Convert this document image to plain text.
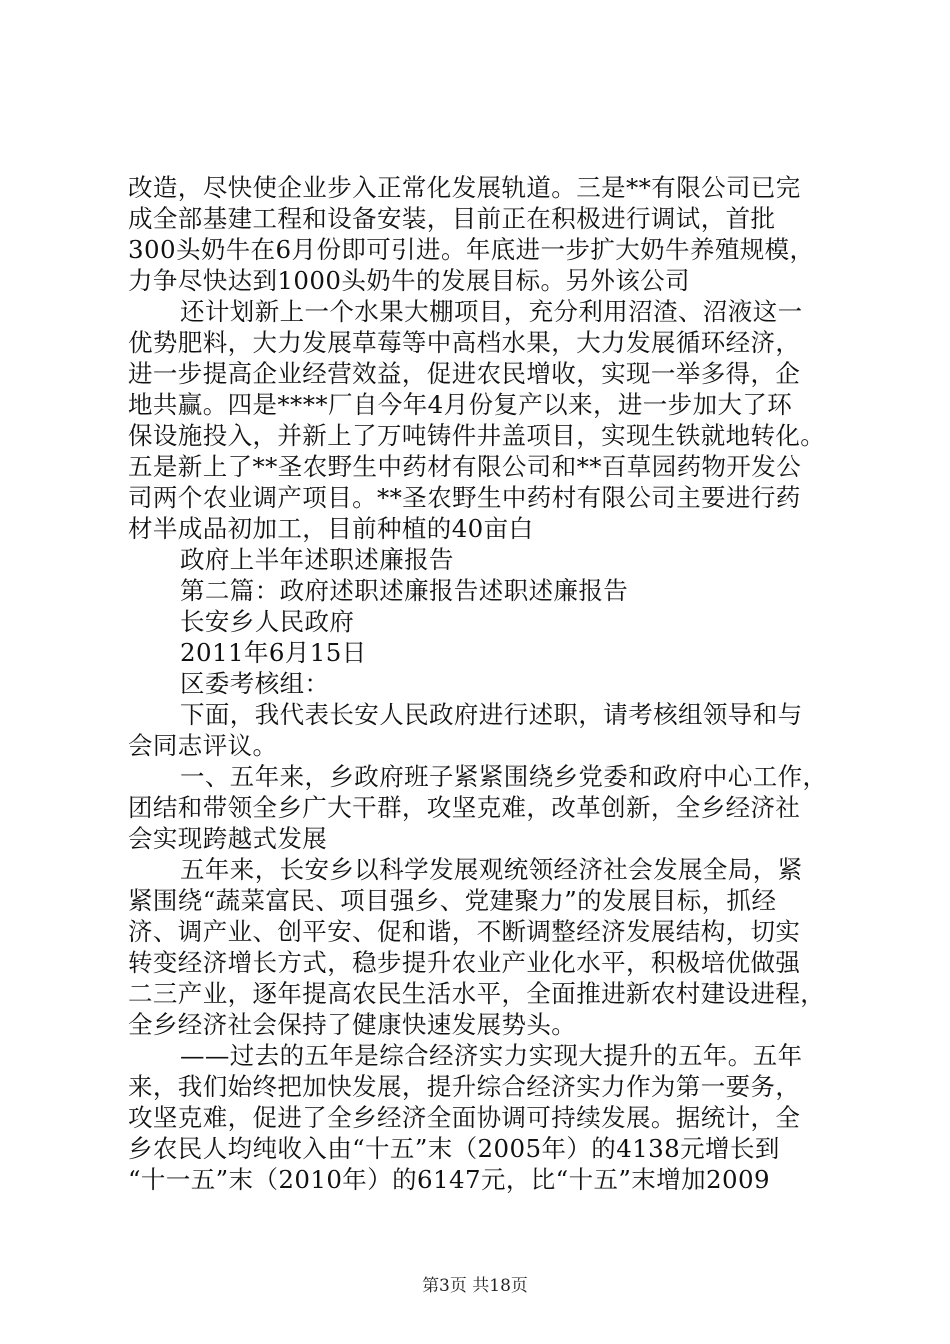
改造，尽快使企业步入正常化发展轨道。三是**有限公司已完
成全部基建工程和设备安装，目前正在积极进行调试，首批
300头奶牛在6月份即可引进。年底进一步扩大奶牛养殖规模，
力争尽快达到1000头奶牛的发展目标。另外该公司
还计划新上一个水果大棚项目，充分利用沼渣、沼液这一
优势肥料，大力发展草莓等中高档水果，大力发展循环经济，
进一步提高企业经营效益，促进农民增收，实现一举多得，企
地共赢。四是****厂自今年4月份复产以来，进一步加大了环
保设施投入，并新上了万吨铸件井盖项目，实现生铁就地转化。
五是新上了**圣农野生中药材有限公司和**百草园药物开发公
司两个农业调产项目。**圣农野生中药村有限公司主要进行药
材半成品初加工，目前种植的40亩白
政府上半年述职述廉报告
第二篇：政府述职述廉报告述职述廉报告
长安乡人民政府
2011年6月15日
区委考核组：
下面，我代表长安人民政府进行述职，请考核组领导和与
会同志评议。
一、五年来，乡政府班子紧紧围绕乡党委和政府中心工作，
团结和带领全乡广大干群，攻坚克难，改革创新，全乡经济社
会实现跨越式发展
五年来，长安乡以科学发展观统领经济社会发展全局，紧
紧围绕“蔬菜富民、项目强乡、党建聚力”的发展目标，抓经
济、调产业、创平安、促和谐，不断调整经济发展结构，切实
转变经济增长方式，稳步提升农业产业化水平，积极培优做强
二三产业，逐年提高农民生活水平，全面推进新农村建设进程，
全乡经济社会保持了健康快速发展势头。
——过去的五年是综合经济实力实现大提升的五年。五年
来，我们始终把加快发展，提升综合经济实力作为第一要务，
攻坚克难，促进了全乡经济全面协调可持续发展。据统计，全
乡农民人均纯收入由“十五”末（2005年）的4138元增长到
“十一五”末（2010年）的6147元，比“十五”末增加2009
第3页 共18页
